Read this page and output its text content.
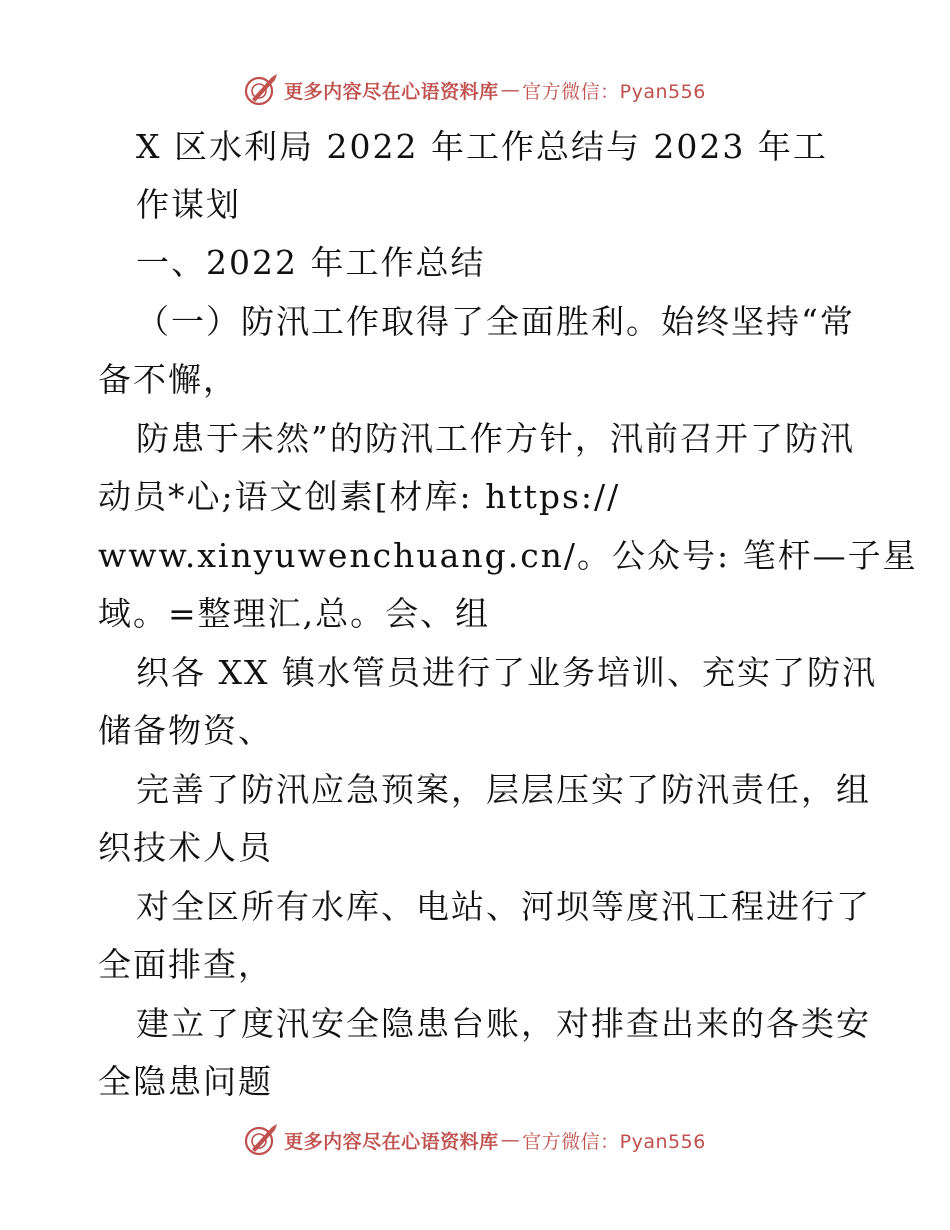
更多内容尽在心语资料库 — 官方微信：Pyan556
X 区水利局 2022 年工作总结与 2023 年工
作谋划
一、2022 年工作总结
（一）防汛工作取得了全面胜利。始终坚持“常
备不懈，
防患于未然”的防汛工作方针，汛前召开了防汛
动员*心;语文创素[材库: https://
www.xinyuwenchuang.cn/。公众号: 笔杆—子星
域。=整理汇,总。会、组
织各 XX 镇水管员进行了业务培训、充实了防汛
储备物资、
完善了防汛应急预案，层层压实了防汛责任，组
织技术人员
对全区所有水库、电站、河坝等度汛工程进行了
全面排查，
建立了度汛安全隐患台账，对排查出来的各类安
全隐患问题
更多内容尽在心语资料库 — 官方微信：Pyan556
